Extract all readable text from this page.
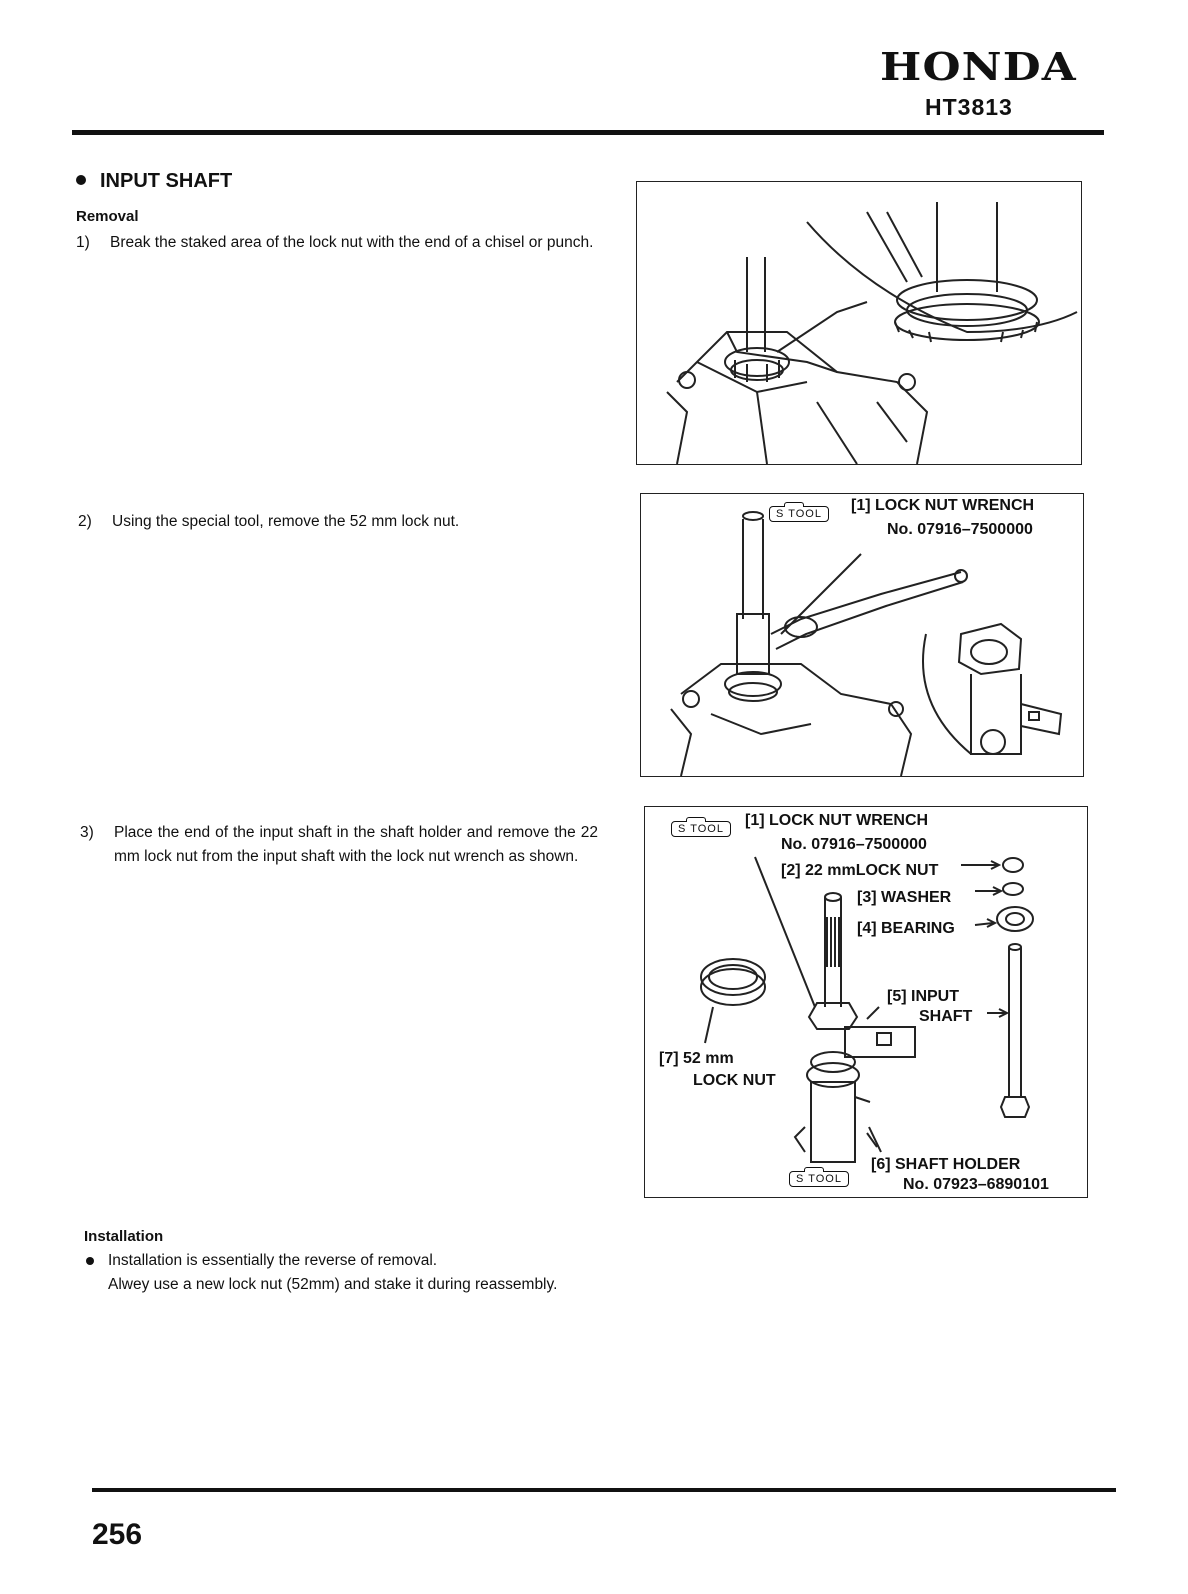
HONDA
HT3813
INPUT SHAFT
Removal
1) Break the staked area of the lock nut with the end of a chisel or punch.
2) Using the special tool, remove the 52 mm lock nut.
3) Place the end of the input shaft in the shaft holder and remove the 22 mm lock nut from the input shaft with the lock nut wrench as shown.
Installation
Installation is essentially the reverse of removal.
Alwey use a new lock nut (52mm) and stake it during reassembly.
S TOOL	[1] LOCK NUT WRENCH
No. 07916–7500000
S TOOL	[1] LOCK NUT WRENCH
No. 07916–7500000
[2] 22 mmLOCK NUT
[3] WASHER
[4] BEARING
[5] INPUT
SHAFT
[7] 52 mm
LOCK NUT
[6] SHAFT HOLDER
No. 07923–6890101
S TOOL
256
